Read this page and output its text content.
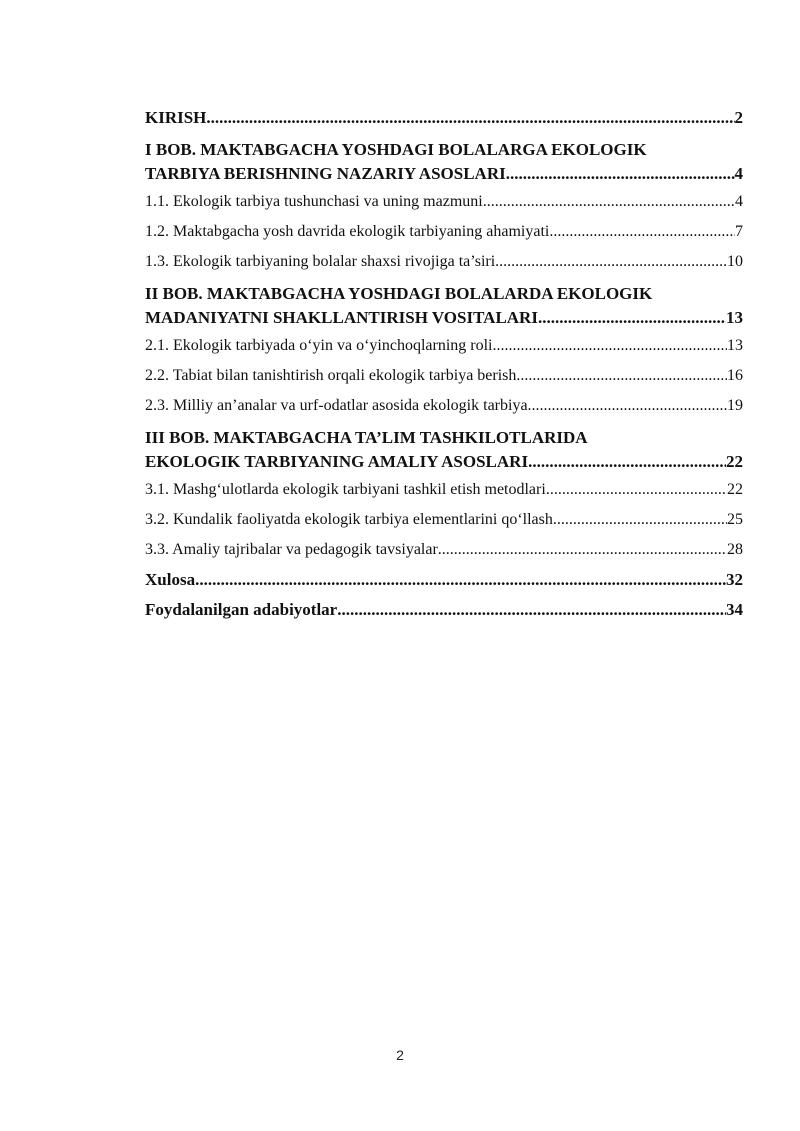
KIRISH .....	2
I BOB. MAKTABGACHA YOSHDAGI BOLALARGA EKOLOGIK
TARBIYA BERISHNING NAZARIY ASOSLARI .....	4
1.1. Ekologik tarbiya tushunchasi va uning mazmuni .....	4
1.2. Maktabgacha yosh davrida ekologik tarbiyaning ahamiyati .....	7
1.3. Ekologik tarbiyaning bolalar shaxsi rivojiga ta’siri .....	10
II BOB. MAKTABGACHA YOSHDAGI BOLALARDA EKOLOGIK
MADANIYATNI SHAKLLANTIRISH VOSITALARI .....	13
2.1. Ekologik tarbiyada o‘yin va o‘yinchoqlarning roli .....	13
2.2. Tabiat bilan tanishtirish orqali ekologik tarbiya berish .....	16
2.3. Milliy an’analar va urf-odatlar asosida ekologik tarbiya .....	19
III BOB. MAKTABGACHA TA’LIM TASHKILOTLARIDA
EKOLOGIK TARBIYANING AMALIY ASOSLARI .....	22
3.1. Mashg‘ulotlarda ekologik tarbiyani tashkil etish metodlari .....	22
3.2. Kundalik faoliyatda ekologik tarbiya elementlarini qo‘llash .....	25
3.3. Amaliy tajribalar va pedagogik tavsiyalar .....	28
Xulosa .....	32
Foydalanilgan adabiyotlar .....	34
2
